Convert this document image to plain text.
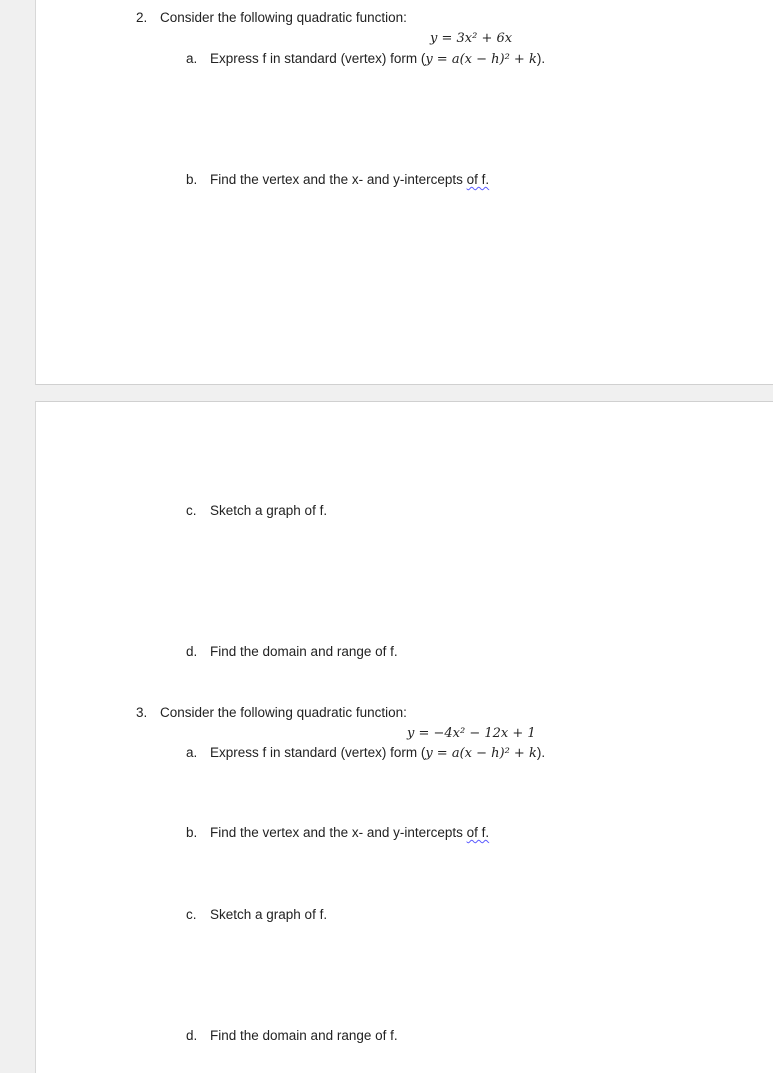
2. Consider the following quadratic function:
y = 3x² + 6x
a. Express f in standard (vertex) form (y = a(x − h)² + k).
b. Find the vertex and the x- and y-intercepts of f.
c. Sketch a graph of f.
d. Find the domain and range of f.
3. Consider the following quadratic function:
y = −4x² − 12x + 1
a. Express f in standard (vertex) form (y = a(x − h)² + k).
b. Find the vertex and the x- and y-intercepts of f.
c. Sketch a graph of f.
d. Find the domain and range of f.
